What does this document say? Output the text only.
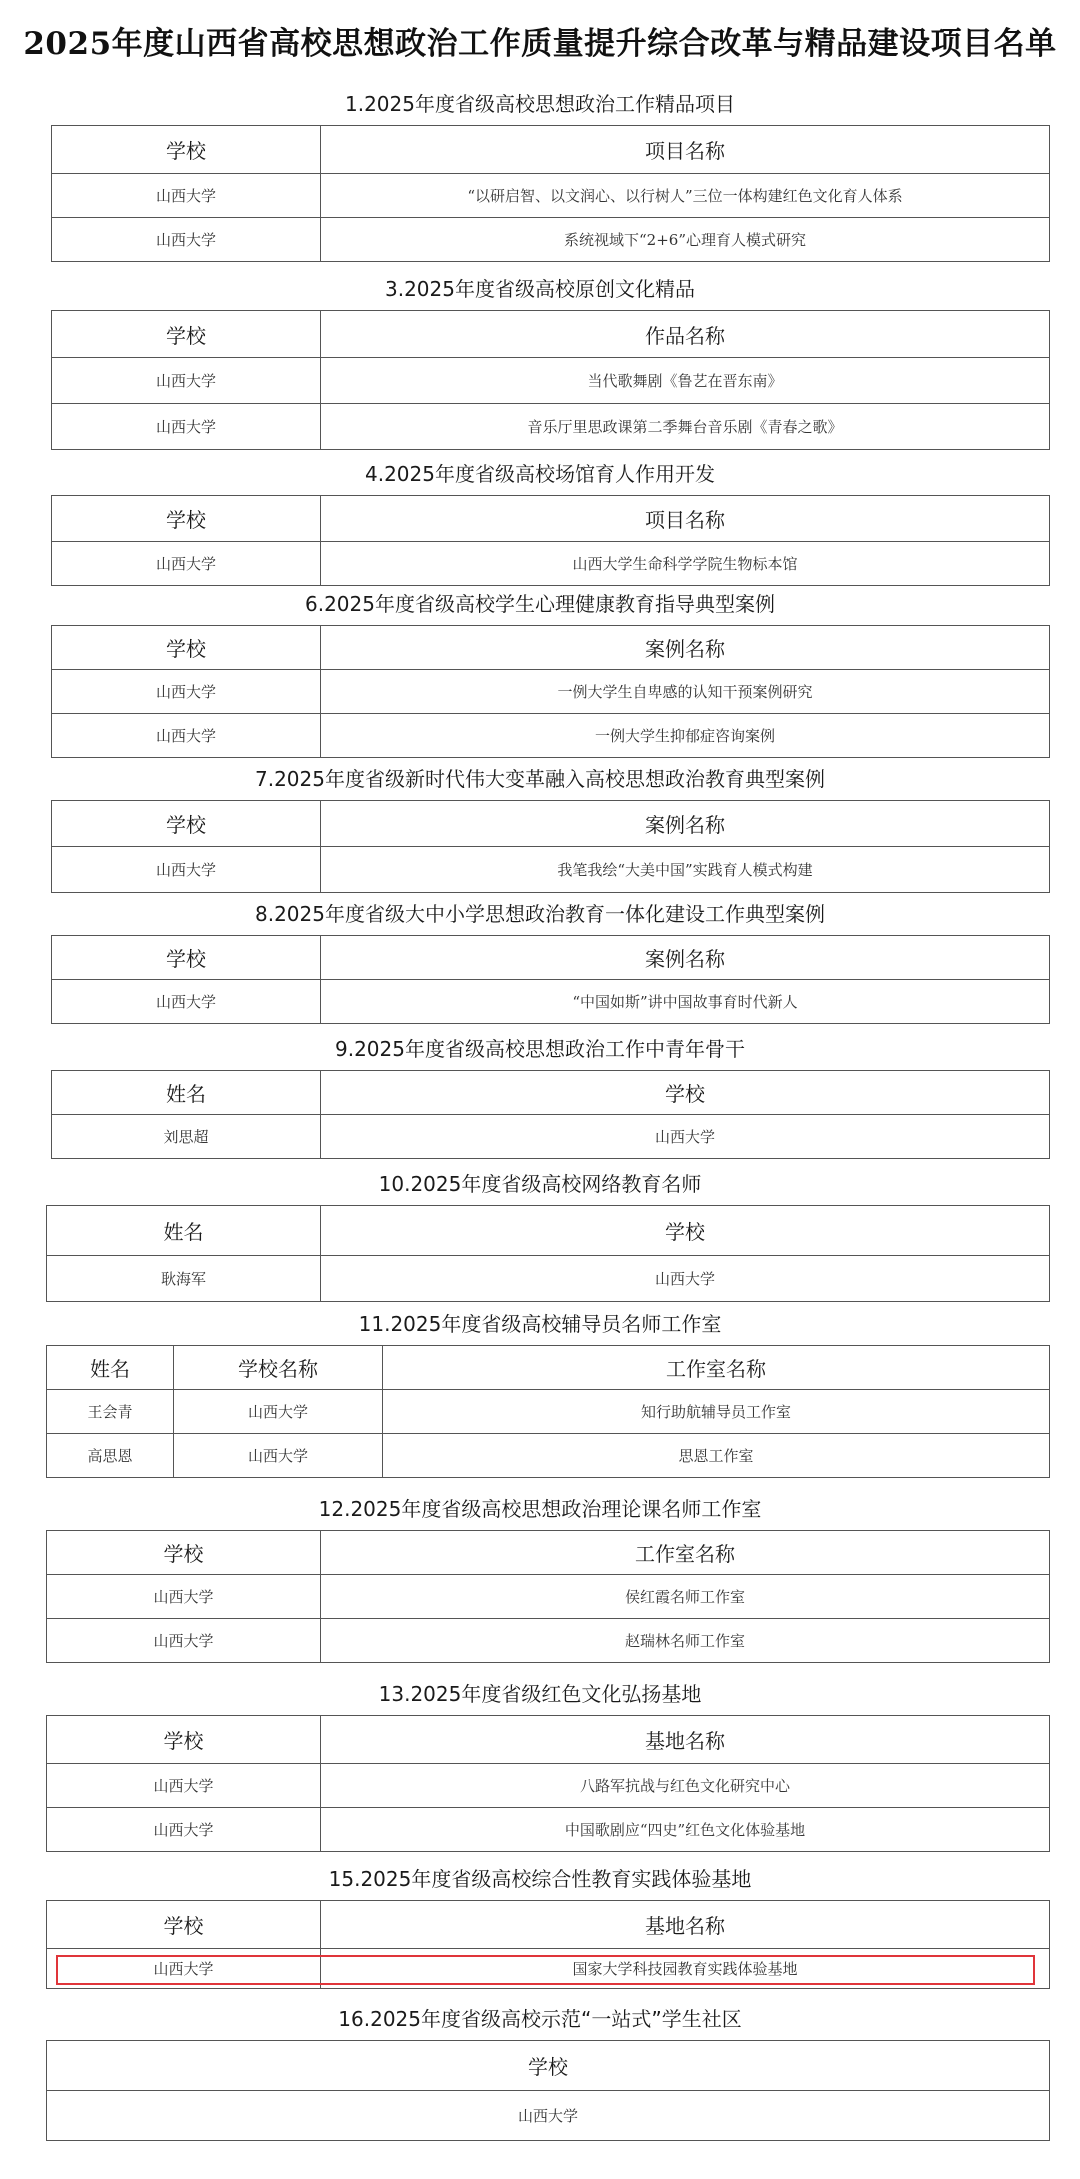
2025年度山西省高校思想政治工作质量提升综合改革与精品建设项目名单
1.2025年度省级高校思想政治工作精品项目
学校	项目名称
山西大学	“以研启智、以文润心、以行树人”三位一体构建红色文化育人体系
山西大学	系统视域下“2+6”心理育人模式研究
3.2025年度省级高校原创文化精品
学校	作品名称
山西大学	当代歌舞剧《鲁艺在晋东南》
山西大学	音乐厅里思政课第二季舞台音乐剧《青春之歌》
4.2025年度省级高校场馆育人作用开发
学校	项目名称
山西大学	山西大学生命科学学院生物标本馆
6.2025年度省级高校学生心理健康教育指导典型案例
学校	案例名称
山西大学	一例大学生自卑感的认知干预案例研究
山西大学	一例大学生抑郁症咨询案例
7.2025年度省级新时代伟大变革融入高校思想政治教育典型案例
学校	案例名称
山西大学	我笔我绘“大美中国”实践育人模式构建
8.2025年度省级大中小学思想政治教育一体化建设工作典型案例
学校	案例名称
山西大学	“中国如斯”讲中国故事育时代新人
9.2025年度省级高校思想政治工作中青年骨干
姓名	学校
刘思超	山西大学
10.2025年度省级高校网络教育名师
姓名	学校
耿海军	山西大学
11.2025年度省级高校辅导员名师工作室
姓名	学校名称	工作室名称
王会青	山西大学	知行助航辅导员工作室
高思恩	山西大学	思恩工作室
12.2025年度省级高校思想政治理论课名师工作室
学校	工作室名称
山西大学	侯红霞名师工作室
山西大学	赵瑞林名师工作室
13.2025年度省级红色文化弘扬基地
学校	基地名称
山西大学	八路军抗战与红色文化研究中心
山西大学	中国歌剧应“四史”红色文化体验基地
15.2025年度省级高校综合性教育实践体验基地
学校	基地名称
山西大学	国家大学科技园教育实践体验基地
16.2025年度省级高校示范“一站式”学生社区
学校
山西大学
